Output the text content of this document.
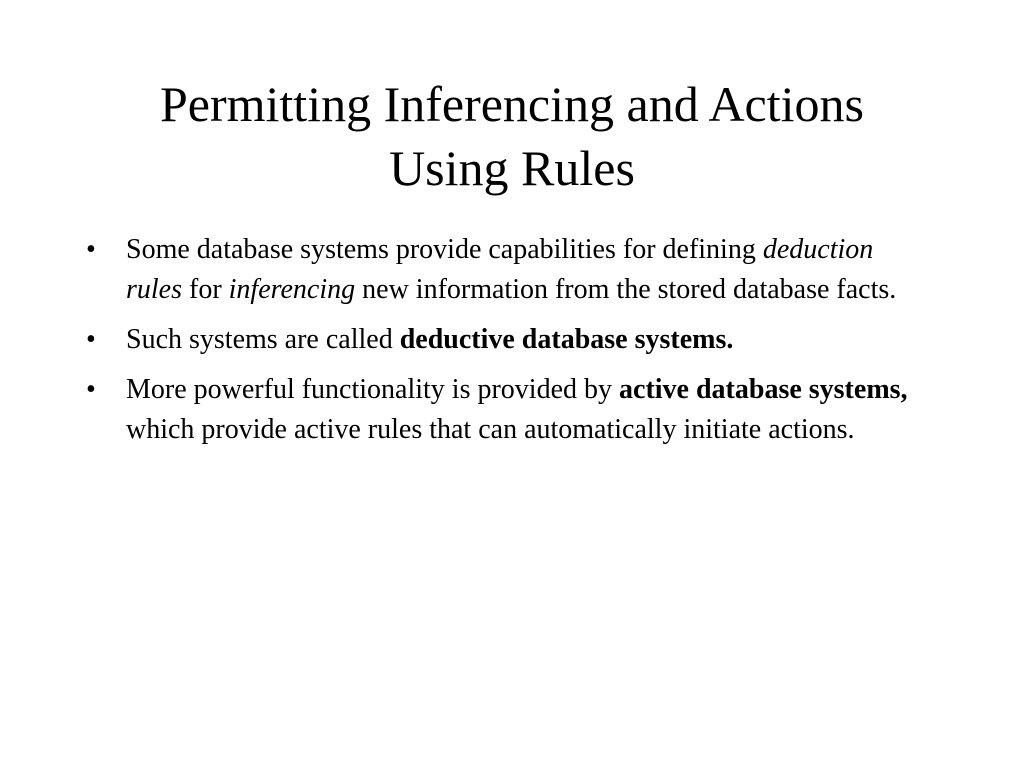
Permitting Inferencing and Actions
Using Rules
• Some database systems provide capabilities for defining deduction rules for inferencing new information from the stored database facts.
• Such systems are called deductive database systems.
• More powerful functionality is provided by active database systems, which provide active rules that can automatically initiate actions.
